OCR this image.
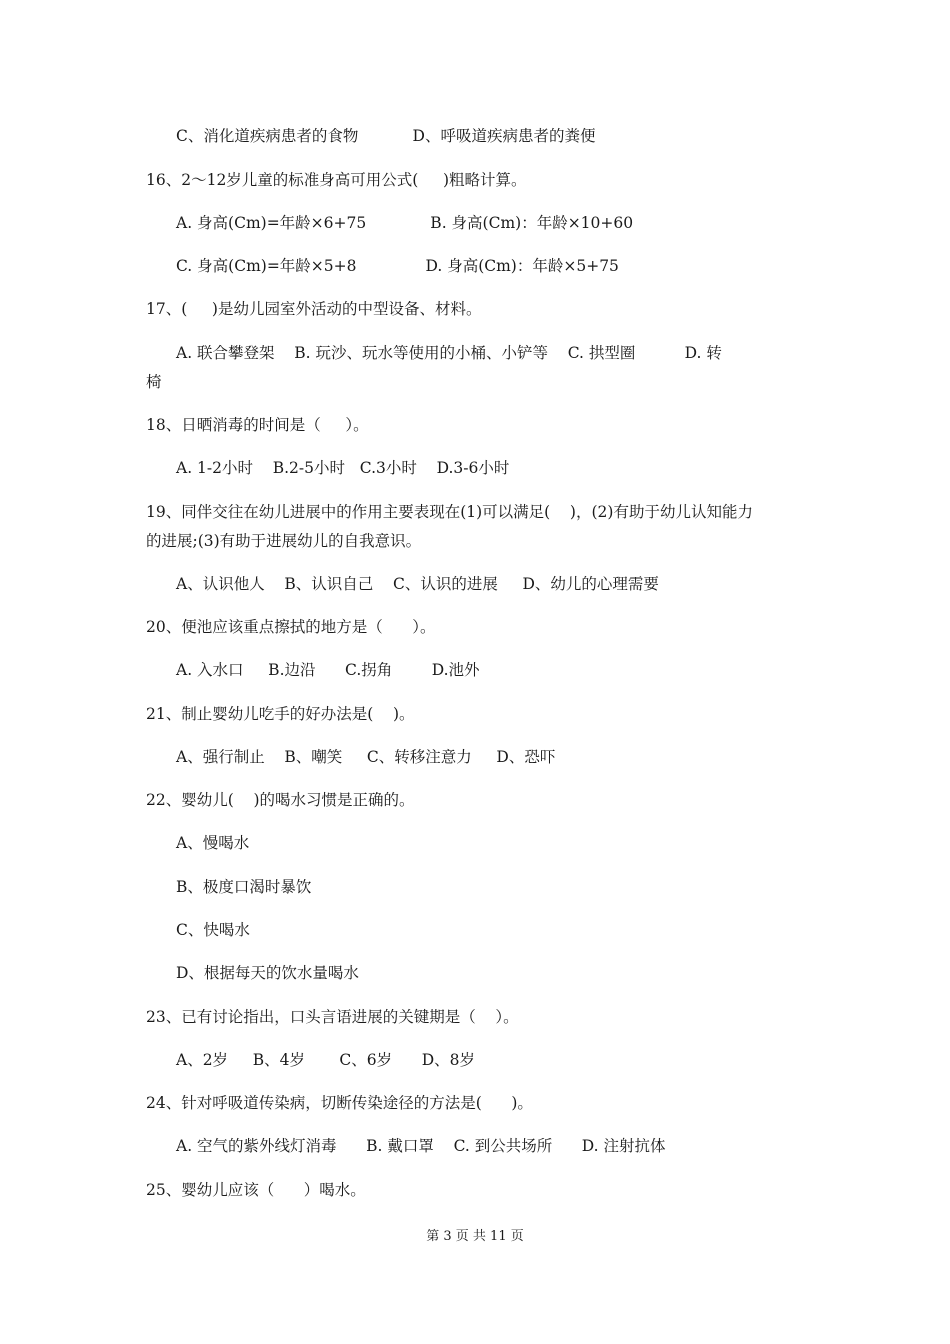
C、消化道疾病患者的食物           D、呼吸道疾病患者的粪便
16、2～12岁儿童的标准身高可用公式(     )粗略计算。
A. 身高(Cm)=年龄×6+75             B. 身高(Cm)：年龄×10+60
C. 身高(Cm)=年龄×5+8              D. 身高(Cm)：年龄×5+75
17、(     )是幼儿园室外活动的中型设备、材料。
A. 联合攀登架    B. 玩沙、玩水等使用的小桶、小铲等    C. 拱型圈          D. 转
椅
18、日晒消毒的时间是（     ）。
A. 1-2小时    B.2-5小时   C.3小时    D.3-6小时
19、同伴交往在幼儿进展中的作用主要表现在(1)可以满足(    )，(2)有助于幼儿认知能力
的进展;(3)有助于进展幼儿的自我意识。
A、认识他人    B、认识自己    C、认识的进展     D、幼儿的心理需要
20、便池应该重点擦拭的地方是（      ）。
A. 入水口     B.边沿      C.拐角        D.池外
21、制止婴幼儿吃手的好办法是(    )。
A、强行制止    B、嘲笑     C、转移注意力     D、恐吓
22、婴幼儿(    )的喝水习惯是正确的。
A、慢喝水
B、极度口渴时暴饮
C、快喝水
D、根据每天的饮水量喝水
23、已有讨论指出，口头言语进展的关键期是（    ）。
A、2岁     B、4岁       C、6岁      D、8岁
24、针对呼吸道传染病，切断传染途径的方法是(      )。
A. 空气的紫外线灯消毒      B. 戴口罩    C. 到公共场所      D. 注射抗体
25、婴幼儿应该（      ）喝水。
第 3 页 共 11 页
